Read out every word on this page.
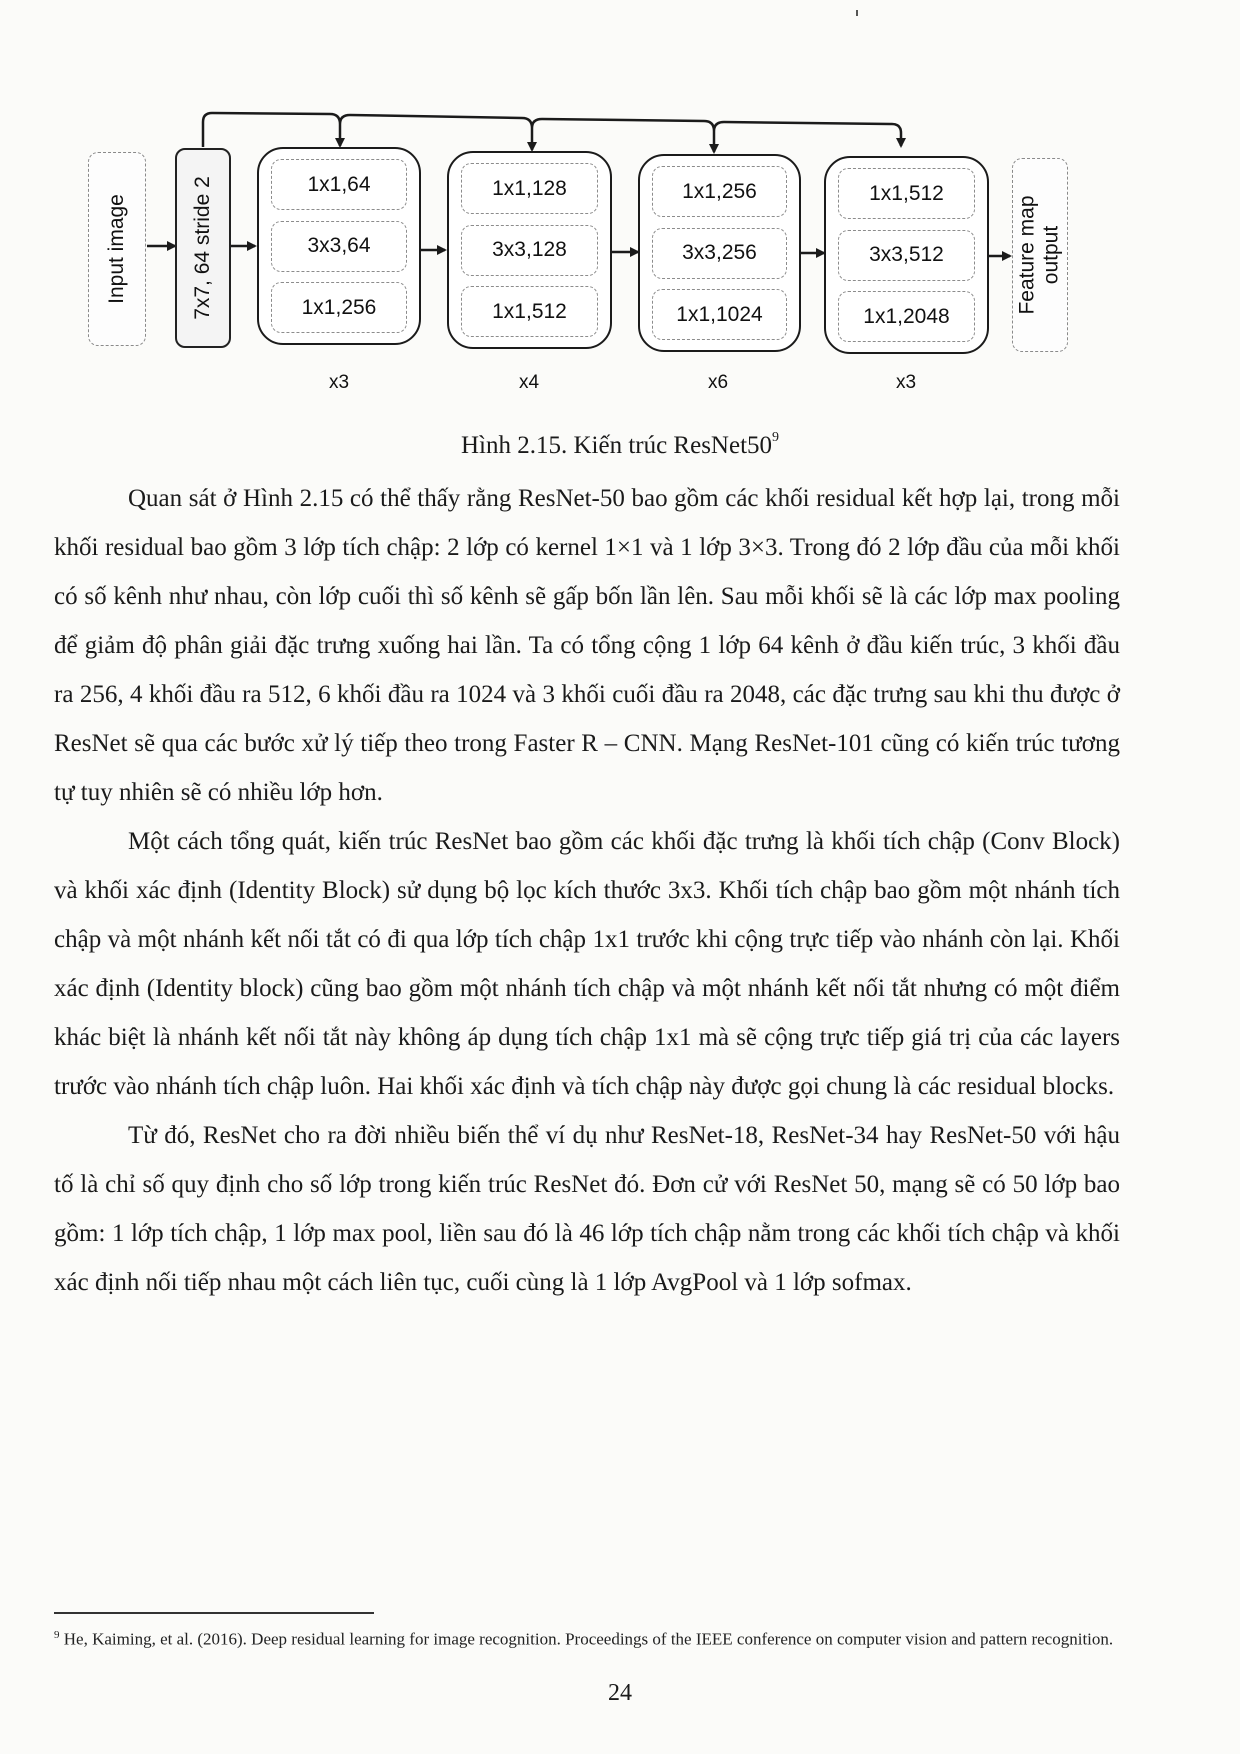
Input image	7x7, 64 stride 2	1x1,64
3x3,64
1x1,256
1x1,128
3x3,128
1x1,512
1x1,256
3x3,256
1x1,1024
1x1,512
3x3,512
1x1,2048
Feature map output
x3	x4	x6	x3
Hình 2.15. Kiến trúc $ResNet50^9$

Quan sát ở Hình 2.15 có thể thấy rằng ResNet-50 bao gồm các khối residual kết hợp lại, trong mỗi khối residual bao gồm 3 lớp tích chập: 2 lớp có kernel 1×1 và 1 lớp 3×3. Trong đó 2 lớp đầu của mỗi khối có số kênh như nhau, còn lớp cuối thì số kênh sẽ gấp bốn lần lên. Sau mỗi khối sẽ là các lớp max pooling để giảm độ phân giải đặc trưng xuống hai lần. Ta có tổng cộng 1 lớp 64 kênh ở đầu kiến trúc, 3 khối đầu ra 256, 4 khối đầu ra 512, 6 khối đầu ra 1024 và 3 khối cuối đầu ra 2048, các đặc trưng sau khi thu được ở ResNet sẽ qua các bước xử lý tiếp theo trong Faster R – CNN. Mạng ResNet-101 cũng có kiến trúc tương tự tuy nhiên sẽ có nhiều lớp hơn.

Một cách tổng quát, kiến trúc ResNet bao gồm các khối đặc trưng là khối tích chập (Conv Block) và khối xác định (Identity Block) sử dụng bộ lọc kích thước 3x3. Khối tích chập bao gồm một nhánh tích chập và một nhánh kết nối tắt có đi qua lớp tích chập 1x1 trước khi cộng trực tiếp vào nhánh còn lại. Khối xác định (Identity block) cũng bao gồm một nhánh tích chập và một nhánh kết nối tắt nhưng có một điểm khác biệt là nhánh kết nối tắt này không áp dụng tích chập 1x1 mà sẽ cộng trực tiếp giá trị của các layers trước vào nhánh tích chập luôn. Hai khối xác định và tích chập này được gọi chung là các residual blocks.

Từ đó, ResNet cho ra đời nhiều biến thể ví dụ như ResNet-18, ResNet-34 hay ResNet-50 với hậu tố là chỉ số quy định cho số lớp trong kiến trúc ResNet đó. Đơn cử với ResNet 50, mạng sẽ có 50 lớp bao gồm: 1 lớp tích chập, 1 lớp max pool, liền sau đó là 46 lớp tích chập nằm trong các khối tích chập và khối xác định nối tiếp nhau một cách liên tục, cuối cùng là 1 lớp AvgPool và 1 lớp sofmax.

$^9$ He, Kaiming, et al. (2016). Deep residual learning for image recognition. Proceedings of the IEEE conference on computer vision and pattern recognition.
24
